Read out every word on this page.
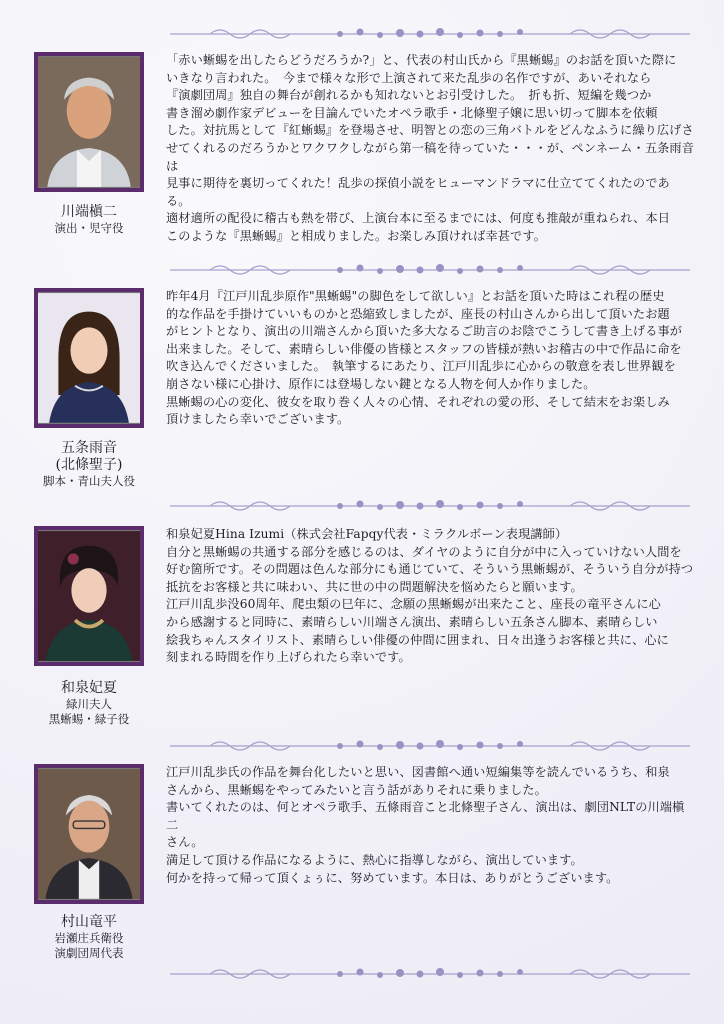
川端槇二
演出・児守役

「赤い蜥蜴を出したらどうだろうか?」と、代表の村山氏から『黒蜥蜴』のお話を頂いた際に

いきなり言われた。　今まで様々な形で上演されて来た乱歩の名作ですが、あいそれなら

『演劇団周』独自の舞台が創れるかも知れないとお引受けした。　折も折、短編を幾つか

書き溜め劇作家デビューを目論んでいたオペラ歌手・北條聖子嬢に思い切って脚本を依頼

した。対抗馬として『紅蜥蜴』を登場させ、明智との恋の三角バトルをどんなふうに繰り広げさ

せてくれるのだろうかとワクワクしながら第一稿を待っていた・・・が、ペンネーム・五条雨音は

見事に期待を裏切ってくれた！乱歩の探偵小説をヒューマンドラマに仕立ててくれたのである。

適材適所の配役に稽古も熱を帯び、上演台本に至るまでには、何度も推敲が重ねられ、本日

このような『黒蜥蜴』と相成りました。お楽しみ頂ければ幸甚です。

五条雨音
(北條聖子)
脚本・青山夫人役

昨年4月『江戸川乱歩原作"黒蜥蜴"の脚色をして欲しい』とお話を頂いた時はこれ程の歴史

的な作品を手掛けていいものかと恐縮致しましたが、座長の村山さんから出して頂いたお題

がヒントとなり、演出の川端さんから頂いた多大なるご助言のお陰でこうして書き上げる事が

出来ました。そして、素晴らしい俳優の皆様とスタッフの皆様が熱いお稽古の中で作品に命を

吹き込んでくださいました。　執筆するにあたり、江戸川乱歩に心からの敬意を表し世界観を

崩さない様に心掛け、原作には登場しない鍵となる人物を何人か作りました。

黒蜥蜴の心の変化、彼女を取り巻く人々の心情、それぞれの愛の形、そして結末をお楽しみ

頂けましたら幸いでございます。

和泉妃夏
緑川夫人
黒蜥蜴・緑子役

和泉妃夏Hina Izumi（株式会社Fapqy代表・ミラクルボーン表現講師）

自分と黒蜥蜴の共通する部分を感じるのは、ダイヤのように自分が中に入っていけない人間を

好む箇所です。その問題は色んな部分にも通じていて、そういう黒蜥蜴が、そういう自分が持つ

抵抗をお客様と共に味わい、共に世の中の問題解決を悩めたらと願います。

江戸川乱歩没60周年、爬虫類の巳年に、念願の黒蜥蜴が出来たこと、座長の竜平さんに心

から感謝すると同時に、素晴らしい川端さん演出、素晴らしい五条さん脚本、素晴らしい

絵我ちゃんスタイリスト、素晴らしい俳優の仲間に囲まれ、日々出逢うお客様と共に、心に

刻まれる時間を作り上げられたら幸いです。

村山竜平
岩瀬庄兵衛役
演劇団周代表

江戸川乱歩氏の作品を舞台化したいと思い、図書館へ通い短編集等を読んでいるうち、和泉

さんから、黒蜥蜴をやってみたいと言う話がありそれに乗りました。

書いてくれたのは、何とオペラ歌手、五條雨音こと北條聖子さん、演出は、劇団NLTの川端槇二

さん。

満足して頂ける作品になるように、熱心に指導しながら、演出しています。

何かを持って帰って頂くょぅに、努めています。本日は、ありがとうございます。
